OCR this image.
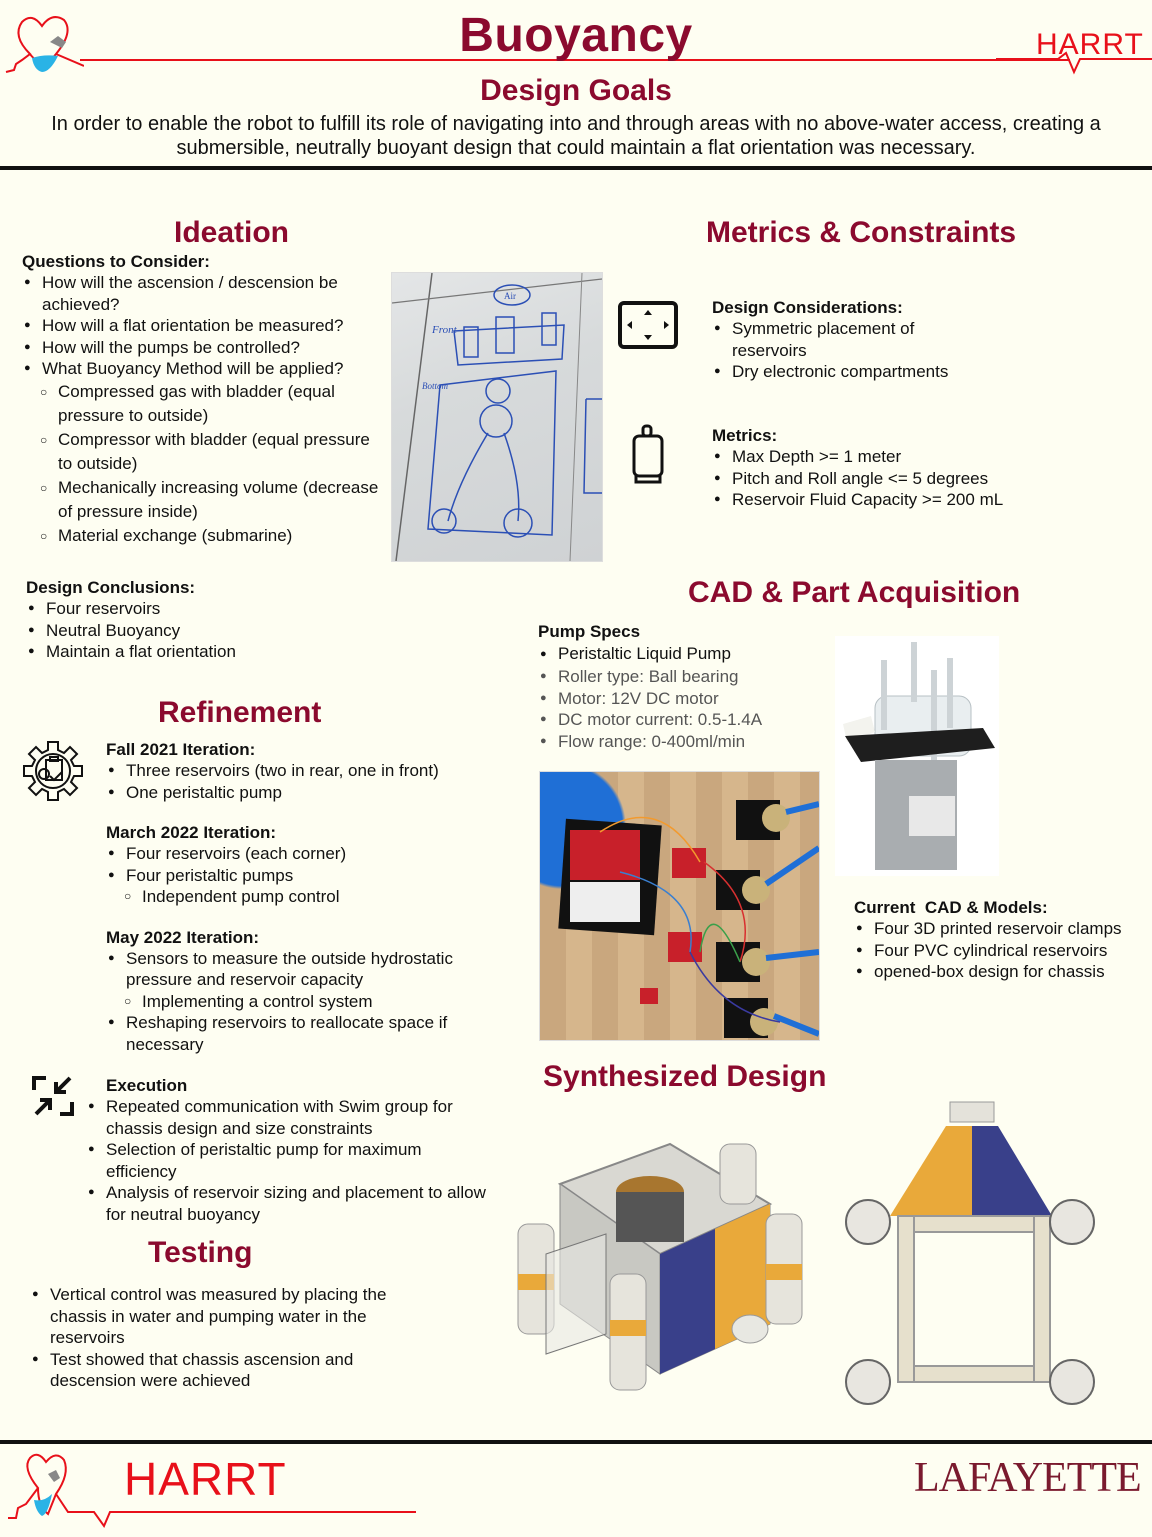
Buoyancy	HARRT
Design Goals
In order to enable the robot to fulfill its role of navigating into and through areas with no above-water access, creating a submersible, neutrally buoyant design that could maintain a flat orientation was necessary.
Ideation
Questions to Consider:
● How will the ascension / descension be achieved?
● How will a flat orientation be measured?
● How will the pumps be controlled?
● What Buoyancy Method will be applied?
○ Compressed gas with bladder (equal pressure to outside)
○ Compressor with bladder (equal pressure to outside)
○ Mechanically increasing volume (decrease of pressure inside)
○ Material exchange (submarine)
Front
Air
Bottom
Design Conclusions:
● Four reservoirs
● Neutral Buoyancy
● Maintain a flat orientation
Metrics & Constraints
Design Considerations:
● Symmetric placement of reservoirs
● Dry electronic compartments
Metrics:
● Max Depth >= 1 meter
● Pitch and Roll angle <= 5 degrees
● Reservoir Fluid Capacity >= 200 mL
Refinement
Fall 2021 Iteration:
● Three reservoirs (two in rear, one in front)
● One peristaltic pump
March 2022 Iteration:
● Four reservoirs (each corner)
● Four peristaltic pumps
○ Independent pump control
May 2022 Iteration:
● Sensors to measure the outside hydrostatic pressure and reservoir capacity
○ Implementing a control system
● Reshaping reservoirs to reallocate space if necessary
Execution
● Repeated communication with Swim group for chassis design and size constraints
● Selection of peristaltic pump for maximum efficiency
● Analysis of reservoir sizing and placement to allow for neutral buoyancy
Testing
● Vertical control was measured by placing the chassis in water and pumping water in the reservoirs
● Test showed that chassis ascension and descension were achieved
CAD & Part Acquisition
Pump Specs
● Peristaltic Liquid Pump
● Roller type: Ball bearing
● Motor: 12V DC motor
● DC motor current: 0.5-1.4A
● Flow range: 0-400ml/min
Current  CAD & Models:
● Four 3D printed reservoir clamps
● Four PVC cylindrical reservoirs
● opened-box design for chassis
Synthesized Design
HARRT	LAFAYETTE
